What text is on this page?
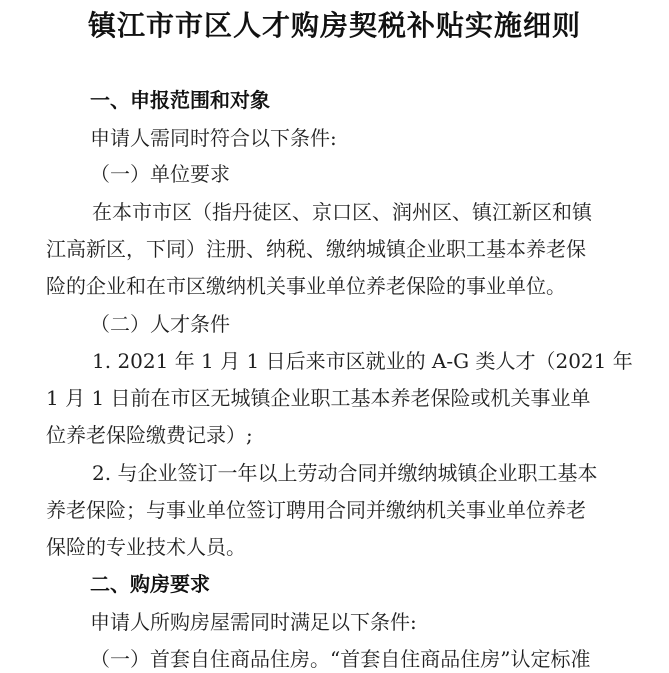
镇江市市区人才购房契税补贴实施细则
一、申报范围和对象
申请人需同时符合以下条件:
（一）单位要求
在本市市区（指丹徒区、京口区、润州区、镇江新区和镇
江高新区，下同）注册、纳税、缴纳城镇企业职工基本养老保
险的企业和在市区缴纳机关事业单位养老保险的事业单位。
（二）人才条件
1. 2021 年 1 月 1 日后来市区就业的 A-G 类人才（2021 年
1 月 1 日前在市区无城镇企业职工基本养老保险或机关事业单
位养老保险缴费记录）;
2. 与企业签订一年以上劳动合同并缴纳城镇企业职工基本
养老保险；与事业单位签订聘用合同并缴纳机关事业单位养老
保险的专业技术人员。
二、购房要求
申请人所购房屋需同时满足以下条件:
（一）首套自住商品住房。“首套自住商品住房”认定标准
